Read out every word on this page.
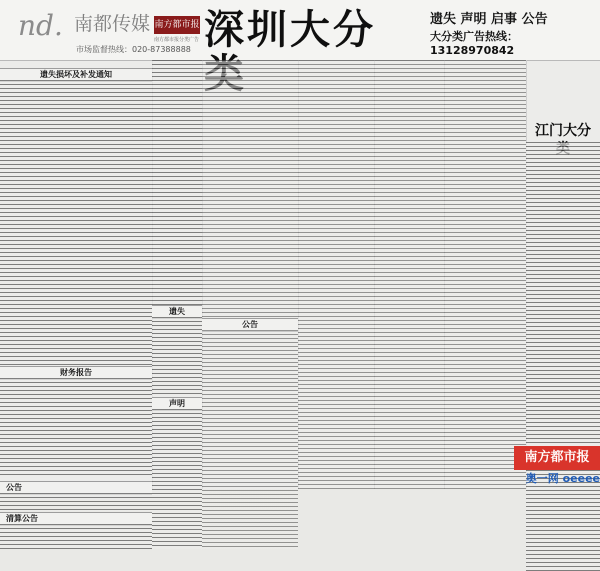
nd. 南都传媒 南方都市报
南方都市报分类广告
市场监督热线：020-87388888 深圳大分	遗失 声明 启事 公告
大分类广告热线：13128970842
遗失损坏及补发通知
财务报告
公告
清算公告
遗失
声明
公告
江门大分
南方都市报
奥一网 oeeee
